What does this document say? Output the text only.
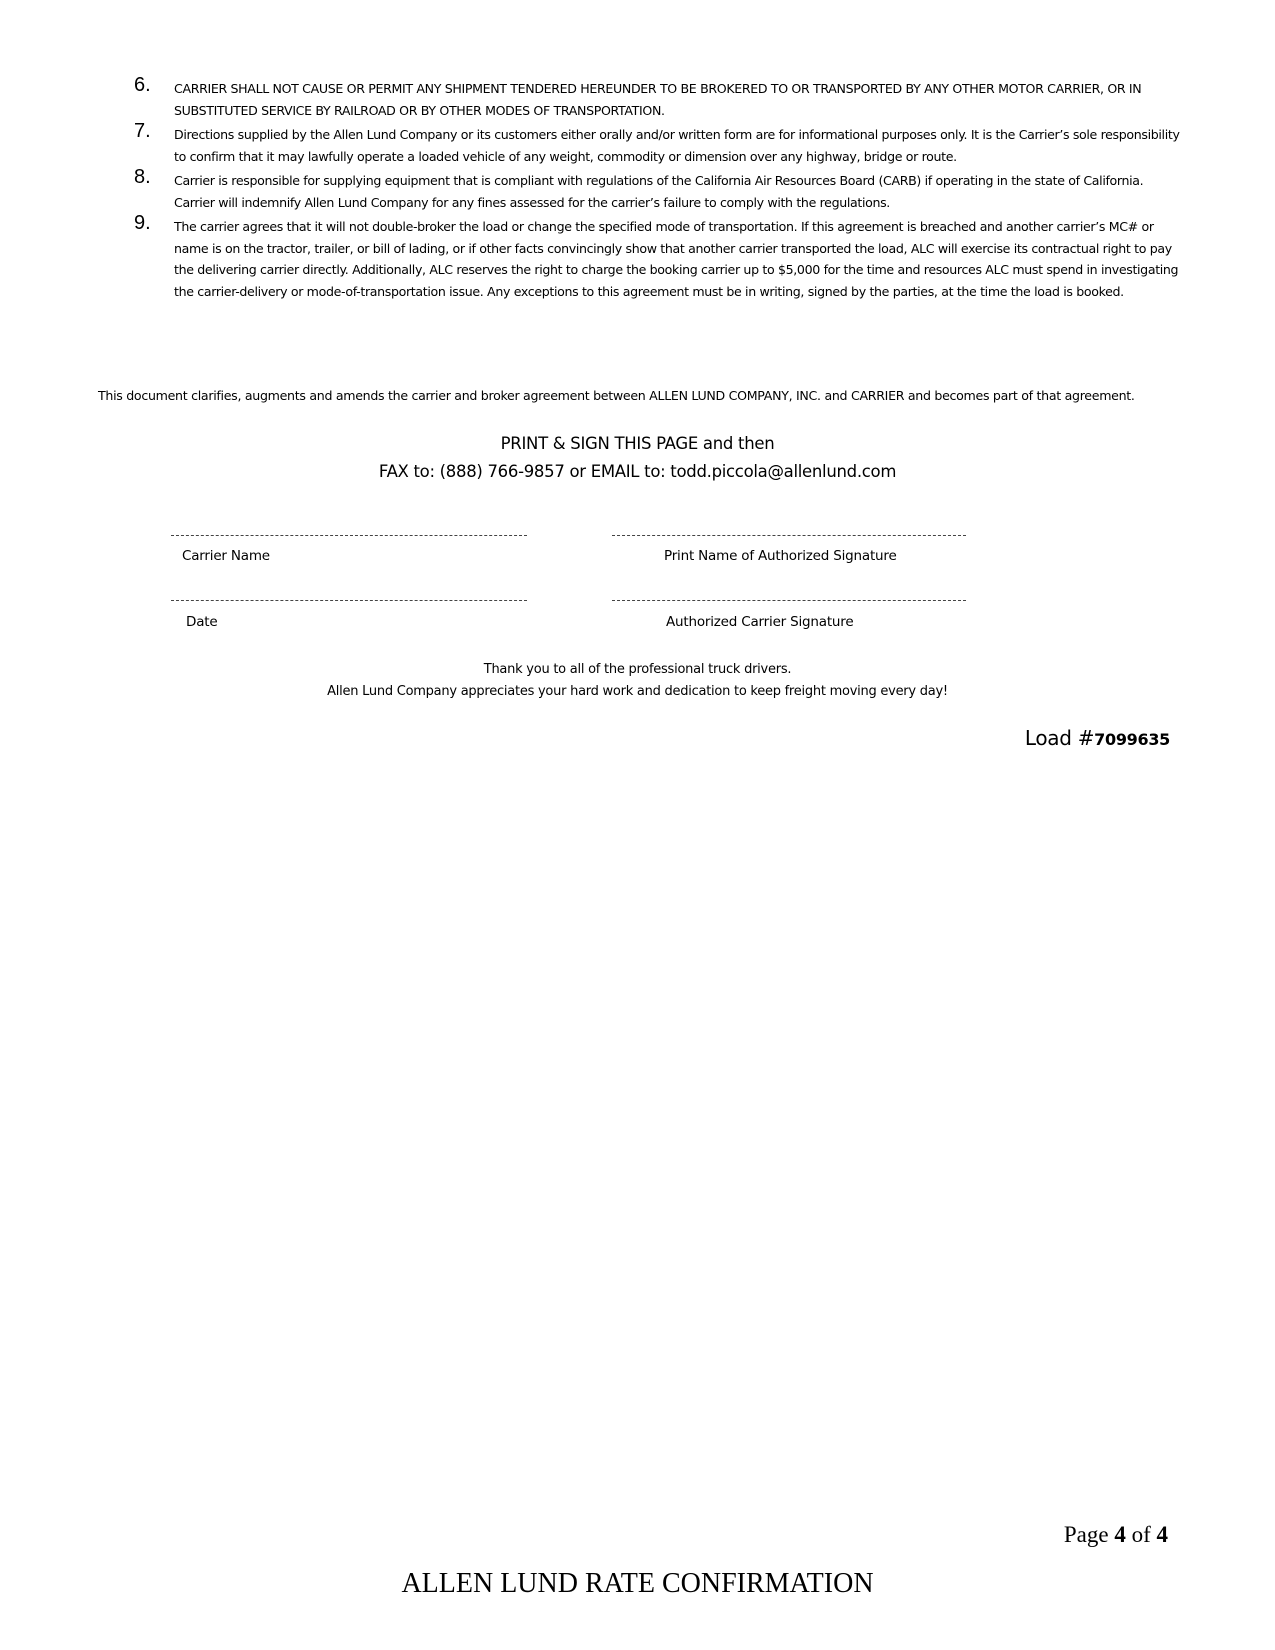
6. CARRIER SHALL NOT CAUSE OR PERMIT ANY SHIPMENT TENDERED HEREUNDER TO BE BROKERED TO OR TRANSPORTED BY ANY OTHER MOTOR CARRIER, OR IN SUBSTITUTED SERVICE BY RAILROAD OR BY OTHER MODES OF TRANSPORTATION.
7. Directions supplied by the Allen Lund Company or its customers either orally and/or written form are for informational purposes only. It is the Carrier’s sole responsibility to confirm that it may lawfully operate a loaded vehicle of any weight, commodity or dimension over any highway, bridge or route.
8. Carrier is responsible for supplying equipment that is compliant with regulations of the California Air Resources Board (CARB) if operating in the state of California. Carrier will indemnify Allen Lund Company for any fines assessed for the carrier’s failure to comply with the regulations.
9. The carrier agrees that it will not double-broker the load or change the specified mode of transportation. If this agreement is breached and another carrier’s MC# or name is on the tractor, trailer, or bill of lading, or if other facts convincingly show that another carrier transported the load, ALC will exercise its contractual right to pay the delivering carrier directly. Additionally, ALC reserves the right to charge the booking carrier up to $5,000 for the time and resources ALC must spend in investigating the carrier-delivery or mode-of-transportation issue. Any exceptions to this agreement must be in writing, signed by the parties, at the time the load is booked.
This document clarifies, augments and amends the carrier and broker agreement between ALLEN LUND COMPANY, INC. and CARRIER and becomes part of that agreement.
PRINT & SIGN THIS PAGE and then
FAX to: (888) 766-9857 or EMAIL to: todd.piccola@allenlund.com
Carrier Name	Print Name of Authorized Signature
Date	Authorized Carrier Signature
Thank you to all of the professional truck drivers.
Allen Lund Company appreciates your hard work and dedication to keep freight moving every day!
Load #7099635
Page 4 of 4
ALLEN LUND RATE CONFIRMATION
